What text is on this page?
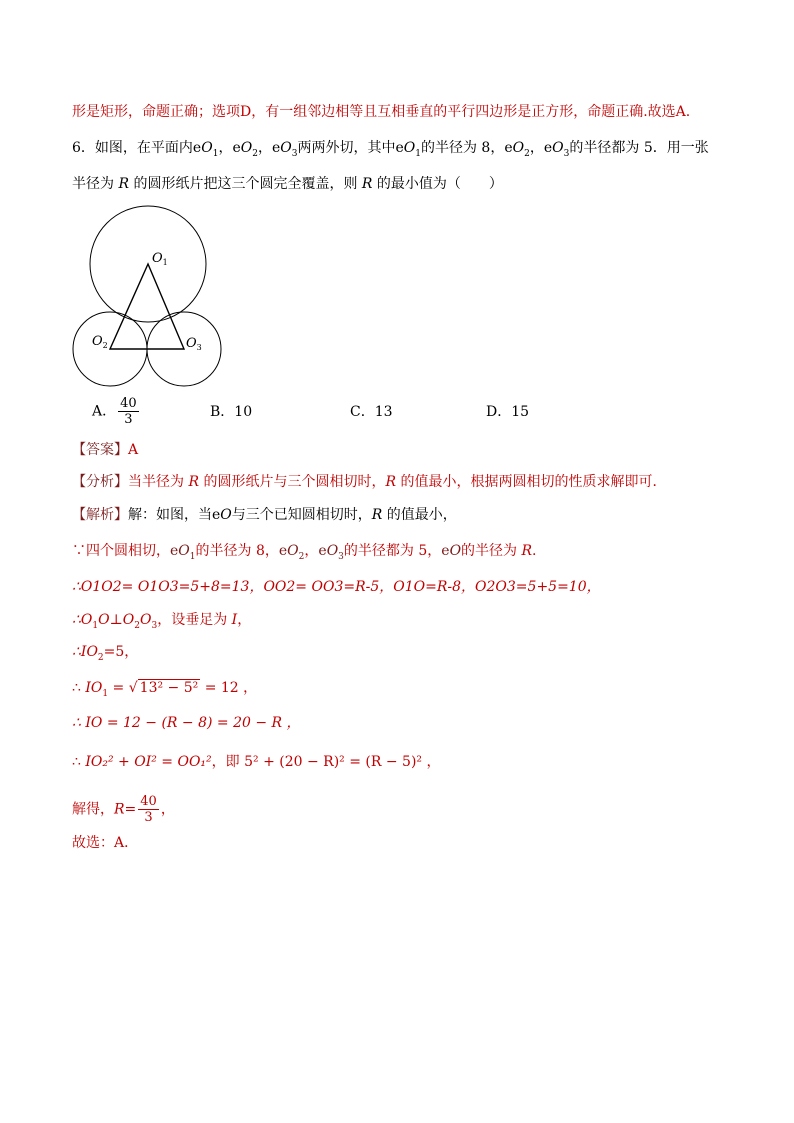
形是矩形，命题正确；选项D，有一组邻边相等且互相垂直的平行四边形是正方形，命题正确.故选A.
6．如图，在平面内$eO_1$，$eO_2$，$eO_3$两两外切，其中$eO_1$的半径为 8，$eO_2$，$eO_3$的半径都为 5．用一张
半径为 R 的圆形纸片把这三个圆完全覆盖，则 R 的最小值为（　　）
$O_1$
$O_2$	$O_3$
A． $\frac{40}{3}$	B．10	C．13	D．15
【答案】A
【分析】当半径为 R 的圆形纸片与三个圆相切时，R 的值最小，根据两圆相切的性质求解即可．
【解析】解：如图，当eO与三个已知圆相切时，R 的值最小，
∵四个圆相切，$eO_1$的半径为 8，$eO_2$，$eO_3$的半径都为 5，eO的半径为 R.
∴O1O2= O1O3=5+8=13，OO2= OO3=R-5，O1O=R-8，O2O3=5+5=10，
$\therefore O_1O\perp O_2O_3$，设垂足为 I，
$\therefore IO_2=5$，
∴ $IO_1$ = √ 13² − 5² = 12 ，
∴ IO = 12 − (R − 8) = 20 − R ，
∴ IO₂² + OI² = OO₁²，即 5² + (20 − R)² = (R − 5)² ，
解得，$R= \frac{40}{3}$ ，
故选：A．
